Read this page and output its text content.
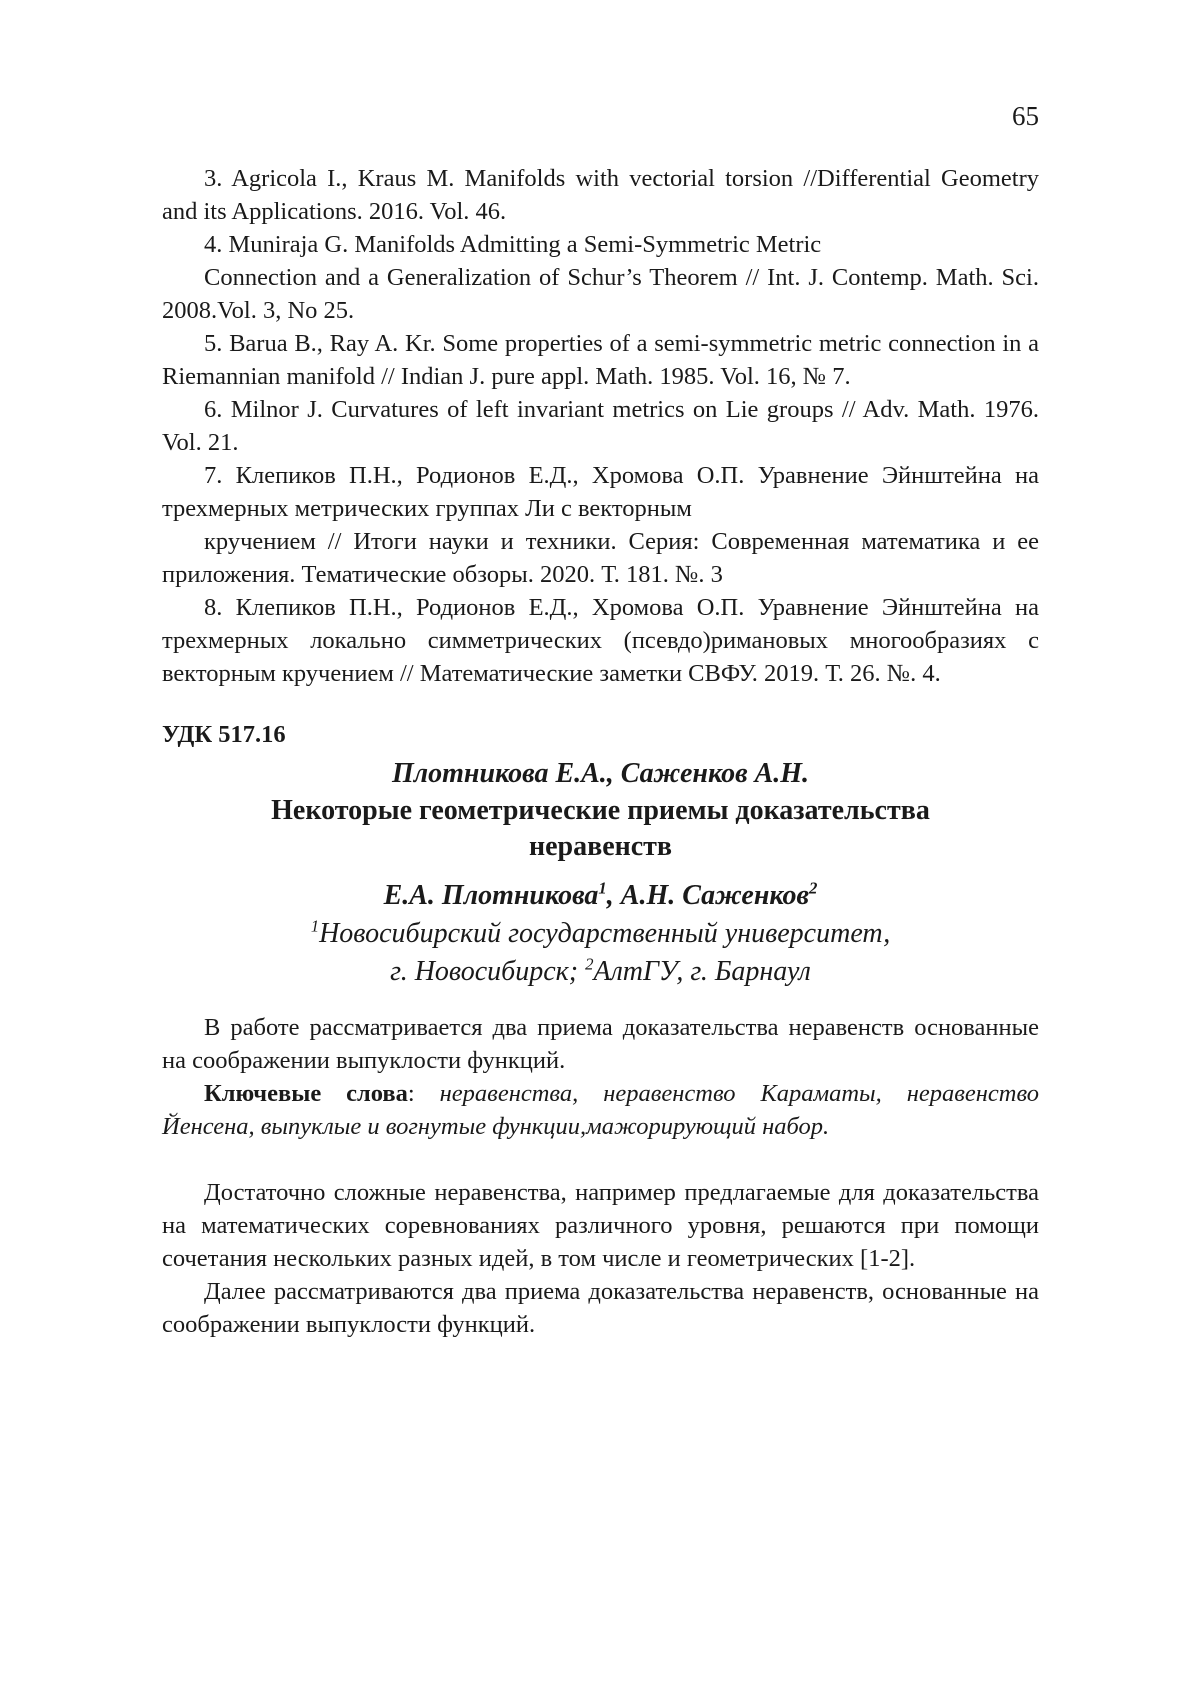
65

3. Agricola I., Kraus M. Manifolds with vectorial torsion //Differential Geometry and its Applications. 2016. Vol. 46.

4. Muniraja G. Manifolds Admitting a Semi-Symmetric Metric

Connection and a Generalization of Schur’s Theorem // Int. J. Contemp. Math. Sci. 2008.Vol. 3, No 25.

5. Barua B., Ray A. Kr. Some properties of a semi-symmetric metric connection in a Riemannian manifold // Indian J. pure appl. Math. 1985. Vol. 16, № 7.

6. Milnor J. Curvatures of left invariant metrics on Lie groups // Adv. Math. 1976. Vol. 21.

7. Клепиков П.Н., Родионов Е.Д., Хромова О.П. Уравнение Эйнштейна на трехмерных метрических группах Ли с векторным

кручением // Итоги науки и техники. Серия: Современная математика и ее приложения. Тематические обзоры. 2020. Т. 181. №. 3

8. Клепиков П.Н., Родионов Е.Д., Хромова О.П. Уравнение Эйнштейна на трехмерных локально симметрических (псевдо)римановых многообразиях с векторным кручением // Математические заметки СВФУ. 2019. Т. 26. №. 4.

УДК 517.16
Плотникова Е.А., Саженков А.Н.
Некоторые геометрические приемы доказательства
неравенств
Е.А. Плотникова1, А.Н. Саженков2
1Новосибирский государственный университет,
г. Новосибирск; 2АлтГУ, г. Барнаул
В работе рассматривается два приема доказательства неравенств основанные на соображении выпуклости функций.
Ключевые слова: неравенства, неравенство Караматы, неравенство Йенсена, выпуклые и вогнутые функции,мажорирующий набор.
Достаточно сложные неравенства, например предлагаемые для доказательства на математических соревнованиях различного уровня, решаются при помощи сочетания нескольких разных идей, в том числе и геометрических [1-2].
Далее рассматриваются два приема доказательства неравенств, основанные на соображении выпуклости функций.
